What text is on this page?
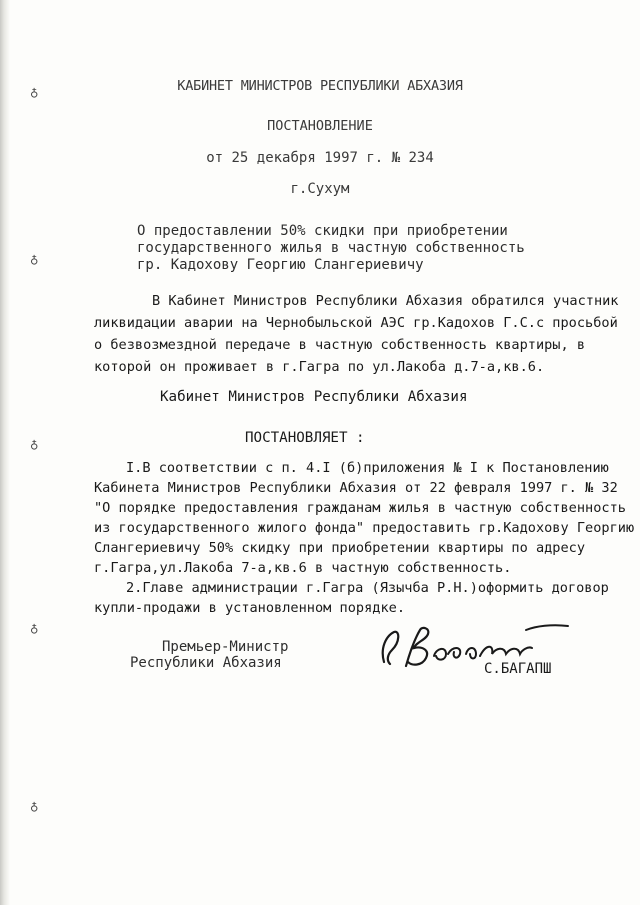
♁
♁
♁
♁
♁
КАБИНЕТ МИНИСТРОВ РЕСПУБЛИКИ АБХАЗИЯ
ПОСТАНОВЛЕНИЕ
от 25 декабря 1997 г. № 234
г.Сухум
О предоставлении 50% скидки при приобретении
государственного жилья в частную собственность
гр. Кадохову Георгию Слангериевичу
В Кабинет Министров Республики Абхазия обратился участник
ликвидации аварии на Чернобыльской АЭС гр.Кадохов Г.С.с просьбой
о безвозмездной передаче в частную собственность квартиры, в
которой он проживает в г.Гагра по ул.Лакоба д.7-а,кв.6.
Кабинет Министров Республики Абхазия
ПОСТАНОВЛЯЕТ :
I.В соответствии с п. 4.I (б)приложения № I к Постановлению
Кабинета Министров Республики Абхазия от 22 февраля 1997 г. № 32
"О порядке предоставления гражданам жилья в частную собственность
из государственного жилого фонда" предоставить гр.Кадохову Георгию
Слангериевичу 50% скидку при приобретении квартиры по адресу
г.Гагра,ул.Лакоба 7-а,кв.6 в частную собственность.
2.Главе администрации г.Гагра (Язычба Р.Н.)оформить договор
купли-продажи в установленном порядке.
Премьер-Министр
Республики Абхазия	С.БАГАПШ
